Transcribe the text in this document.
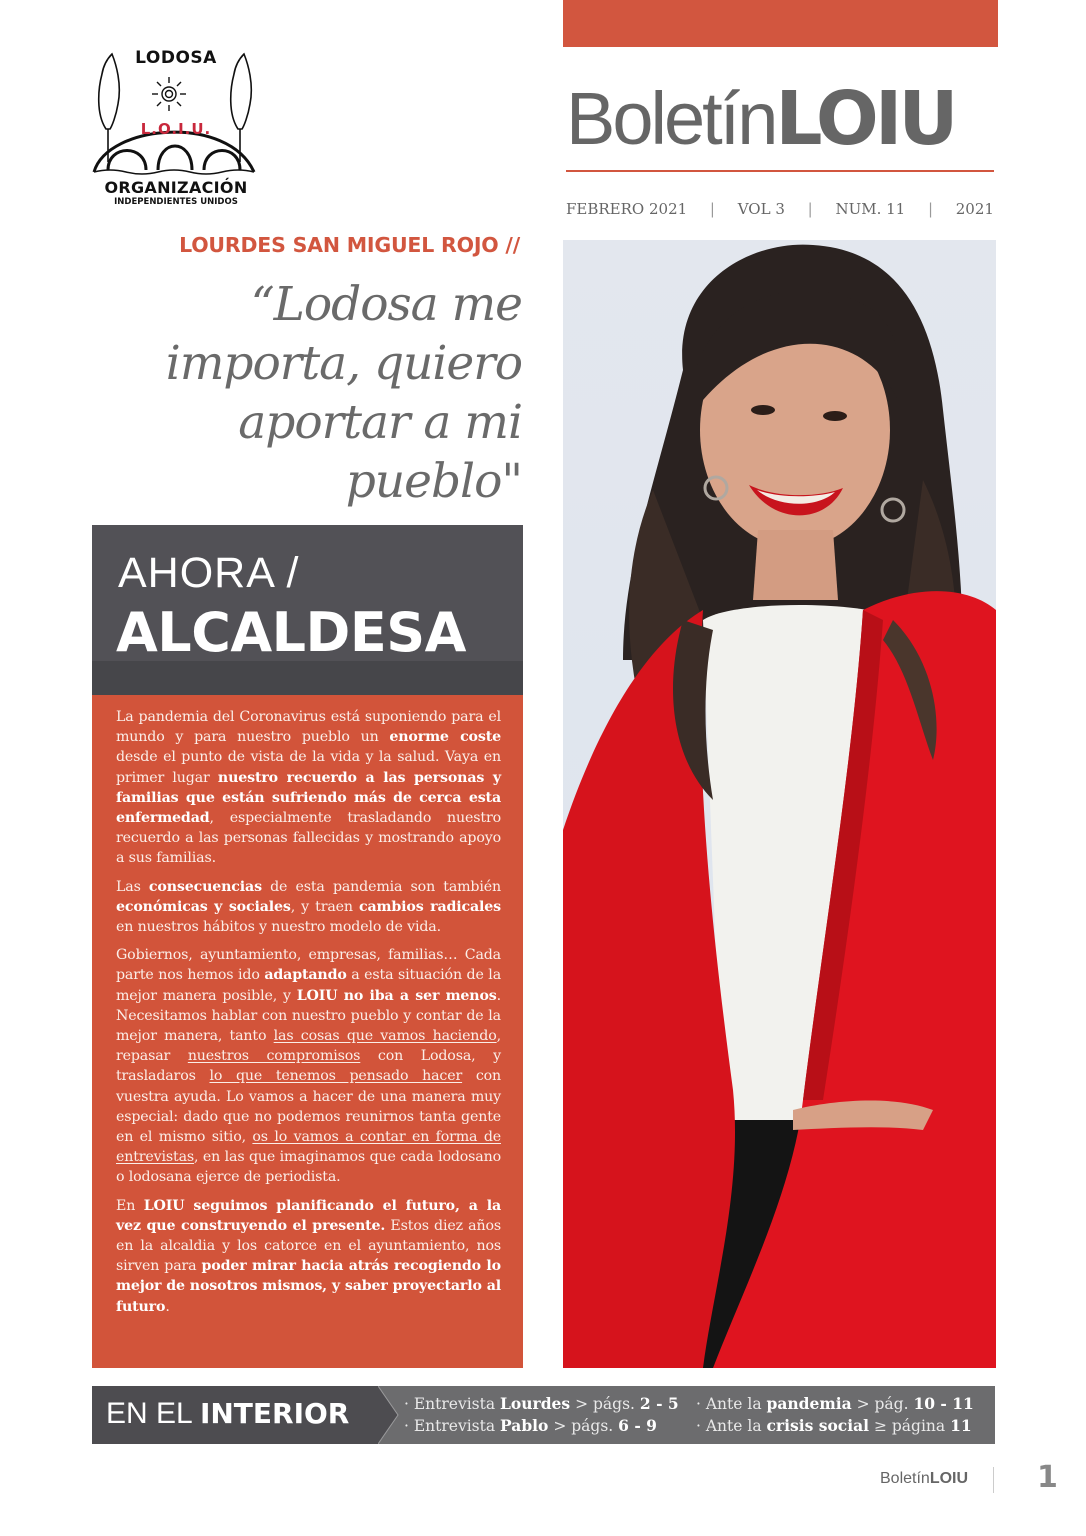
LODOSA
L.O.I.U.
ORGANIZACIÓN
INDEPENDIENTES UNIDOS
BoletínLOIU
FEBRERO 2021 | VOL 3 | NUM. 11 | 2021
LOURDES SAN MIGUEL ROJO //
“Lodosa me
importa, quiero
aportar a mi
pueblo"
AHORA /
ALCALDESA

La pandemia del Coronavirus está suponiendo para el mundo y para nuestro pueblo un enorme coste desde el punto de vista de la vida y la salud. Vaya en primer lugar nuestro recuerdo a las personas y familias que están sufriendo más de cerca esta enfermedad, especialmente trasladando nuestro recuerdo a las personas fallecidas y mostrando apoyo a sus familias.

Las consecuencias de esta pandemia son también económicas y sociales, y traen cambios radicales en nuestros hábitos y nuestro modelo de vida.

Gobiernos, ayuntamiento, empresas, familias… Cada parte nos hemos ido adaptando a esta situación de la mejor manera posible, y LOIU no iba a ser menos. Necesitamos hablar con nuestro pueblo y contar de la mejor manera, tanto las cosas que vamos haciendo, repasar nuestros compromisos con Lodosa, y trasladaros lo que tenemos pensado hacer con vuestra ayuda. Lo vamos a hacer de una manera muy especial: dado que no podemos reunirnos tanta gente en el mismo sitio, os lo vamos a contar en forma de entrevistas, en las que imaginamos que cada lodosano o lodosana ejerce de periodista.

En LOIU seguimos planificando el futuro, a la vez que construyendo el presente. Estos diez años en la alcaldia y los catorce en el ayuntamiento, nos sirven para poder mirar hacia atrás recogiendo lo mejor de nosotros mismos, y saber proyectarlo al futuro.

EN EL INTERIOR	· Entrevista Lourdes > págs. 2 - 5
· Entrevista Pablo > págs. 6 - 9
· Ante la pandemia > pág. 10 - 11
· Ante la crisis social ≥ página 11
BoletínLOIU 1
